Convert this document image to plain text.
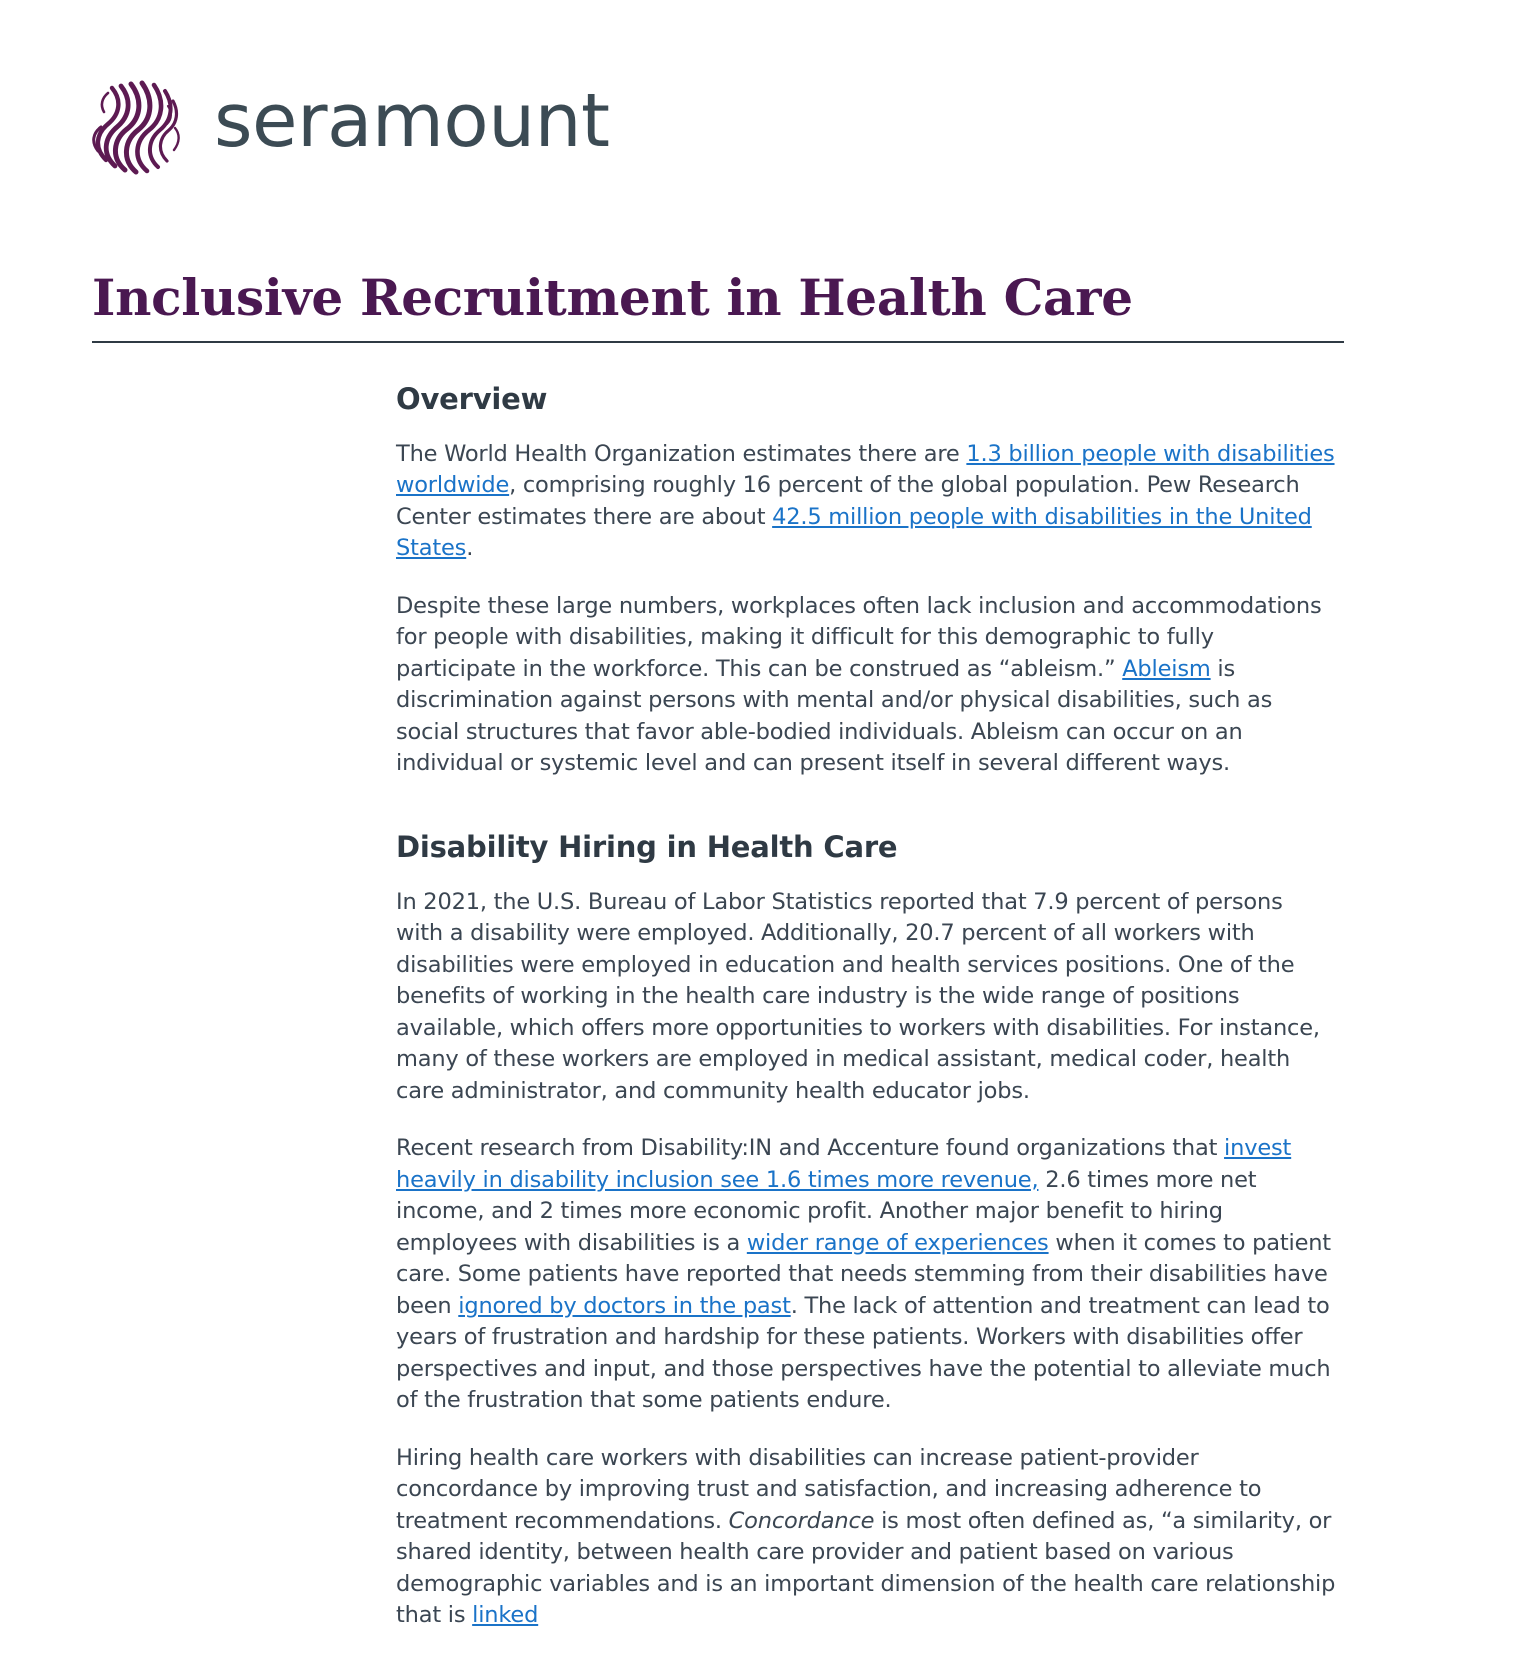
seramount
Inclusive Recruitment in Health Care
Overview

The World Health Organization estimates there are 1.3 billion people with disabilities worldwide, comprising roughly 16 percent of the global population. Pew Research Center estimates there are about 42.5 million people with disabilities in the United States.

Despite these large numbers, workplaces often lack inclusion and accommodations for people with disabilities, making it difficult for this demographic to fully participate in the workforce. This can be construed as “ableism.” Ableism is discrimination against persons with mental and/or physical disabilities, such as social structures that favor able-bodied individuals. Ableism can occur on an individual or systemic level and can present itself in several different ways.

Disability Hiring in Health Care

In 2021, the U.S. Bureau of Labor Statistics reported that 7.9 percent of persons with a disability were employed. Additionally, 20.7 percent of all workers with disabilities were employed in education and health services positions. One of the benefits of working in the health care industry is the wide range of positions available, which offers more opportunities to workers with disabilities. For instance, many of these workers are employed in medical assistant, medical coder, health care administrator, and community health educator jobs.

Recent research from Disability:IN and Accenture found organizations that invest heavily in disability inclusion see 1.6 times more revenue, 2.6 times more net income, and 2 times more economic profit. Another major benefit to hiring employees with disabilities is a wider range of experiences when it comes to patient care. Some patients have reported that needs stemming from their disabilities have been ignored by doctors in the past. The lack of attention and treatment can lead to years of frustration and hardship for these patients. Workers with disabilities offer perspectives and input, and those perspectives have the potential to alleviate much of the frustration that some patients endure.

Hiring health care workers with disabilities can increase patient-provider concordance by improving trust and satisfaction, and increasing adherence to treatment recommendations. Concordance is most often defined as, “a similarity, or shared identity, between health care provider and patient based on various demographic variables and is an important dimension of the health care relationship that is linked
